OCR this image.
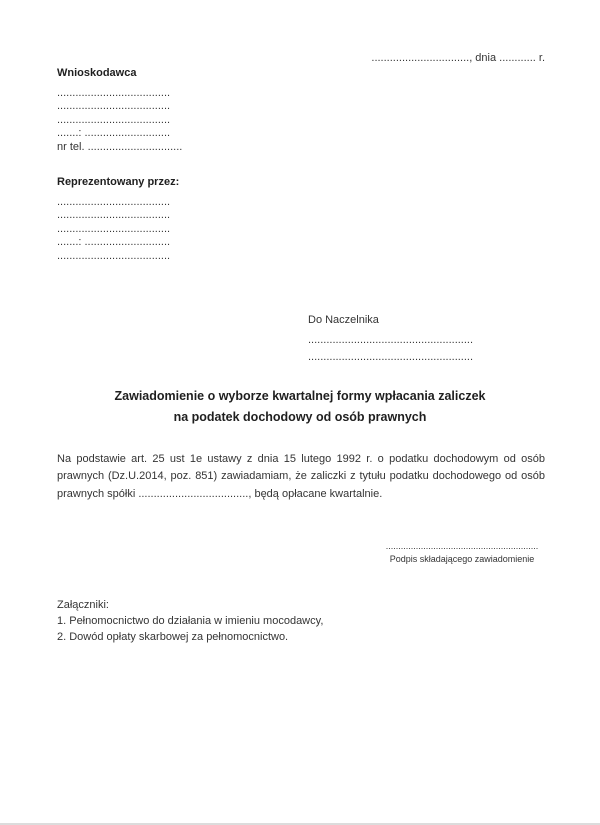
................................, dnia ............ r.
Wnioskodawca
.....................................
.....................................
.....................................
.......: ............................
nr tel. ...............................
Reprezentowany przez:
.....................................
.....................................
.....................................
.......: ............................
.....................................
Do Naczelnika
......................................................
......................................................
Zawiadomienie o wyborze kwartalnej formy wpłacania zaliczek
na podatek dochodowy od osób prawnych
Na podstawie art. 25 ust 1e ustawy z dnia 15 lutego 1992 r. o podatku dochodowym od osób prawnych (Dz.U.2014, poz. 851) zawiadamiam, że zaliczki z tytułu podatku dochodowego od osób prawnych spółki ...................................., będą opłacane kwartalnie.
.............................................................
Podpis składającego zawiadomienie
Załączniki:
1. Pełnomocnictwo do działania w imieniu mocodawcy,
2. Dowód opłaty skarbowej za pełnomocnictwo.
